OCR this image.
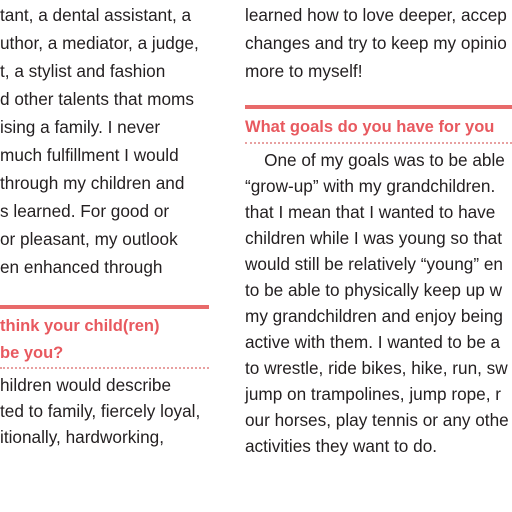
tant, a dental assistant, a
uthor, a mediator, a judge,
t, a stylist and fashion
d other talents that moms
ising a family. I never
much fulfillment I would
through my children and
s learned. For good or
or pleasant, my outlook
en enhanced through
think your child(ren)
be you?
hildren would describe
ted to family, fiercely loyal,
itionally, hardworking,
learned how to love deeper, accep
changes and try to keep my opinio
more to myself!
What goals do you have for you
One of my goals was to be able
“grow-up” with my grandchildren.
that I mean that I wanted to have
children while I was young so that
would still be relatively “young” en
to be able to physically keep up w
my grandchildren and enjoy being
active with them. I wanted to be a
to wrestle, ride bikes, hike, run, sw
jump on trampolines, jump rope, r
our horses, play tennis or any othe
activities they want to do.
